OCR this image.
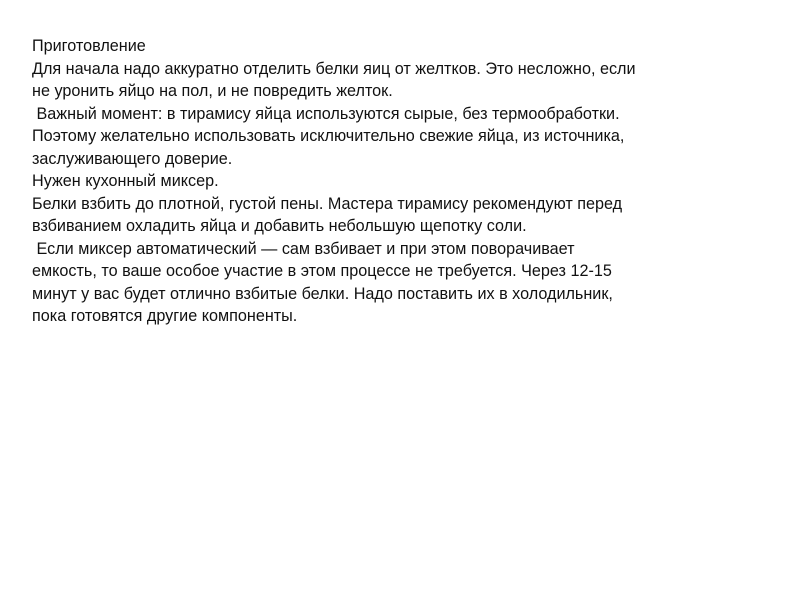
Приготовление
Для начала надо аккуратно отделить белки яиц от желтков. Это несложно, если
не уронить яйцо на пол, и не повредить желток.
Важный момент: в тирамису яйца используются сырые, без термообработки.
Поэтому желательно использовать исключительно свежие яйца, из источника,
заслуживающего доверие.
Нужен кухонный миксер.
Белки взбить до плотной, густой пены. Мастера тирамису рекомендуют перед
взбиванием охладить яйца и добавить небольшую щепотку соли.
Если миксер автоматический — сам взбивает и при этом поворачивает
емкость, то ваше особое участие в этом процессе не требуется. Через 12-15
минут у вас будет отлично взбитые белки. Надо поставить их в холодильник,
пока готовятся другие компоненты.
